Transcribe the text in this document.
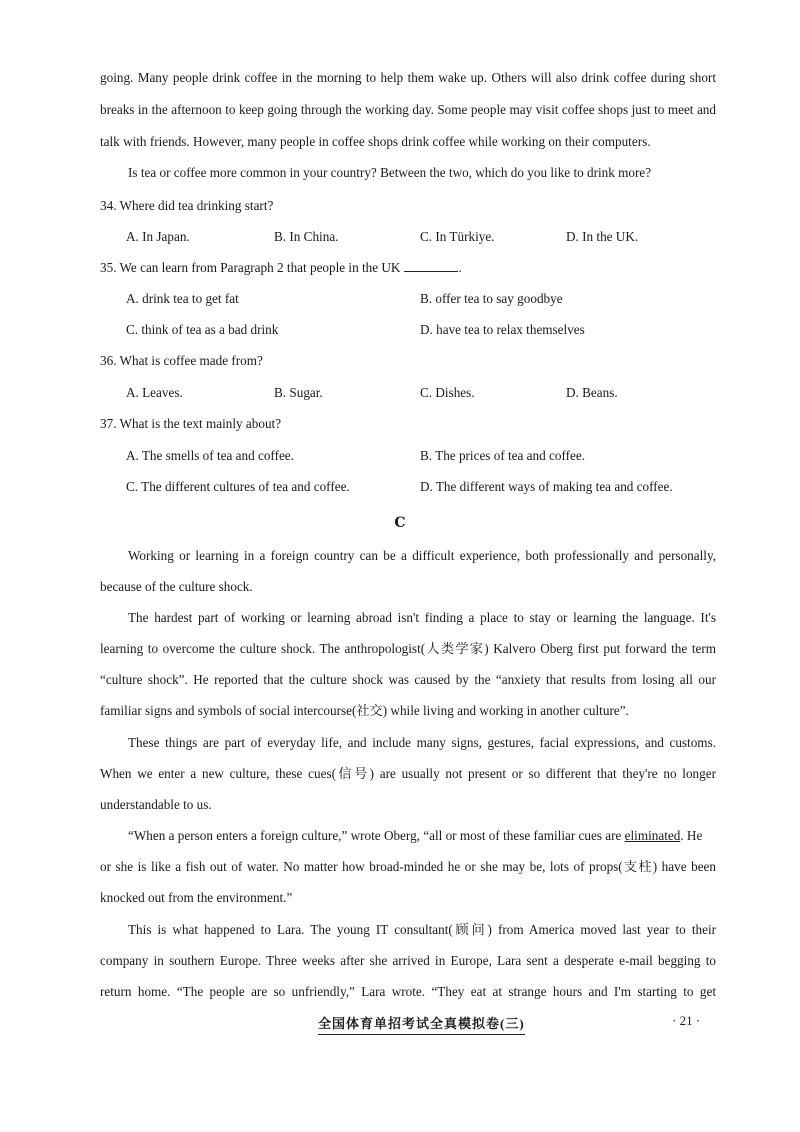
going. Many people drink coffee in the morning to help them wake up. Others will also drink coffee during short
breaks in the afternoon to keep going through the working day. Some people may visit coffee shops just to meet and
talk with friends. However, many people in coffee shops drink coffee while working on their computers.
Is tea or coffee more common in your country? Between the two, which do you like to drink more?
34. Where did tea drinking start?
A. In Japan.	B. In China.	C. In Türkiye.	D. In the UK.
35. We can learn from Paragraph 2 that people in the UK	.
A. drink tea to get fat	B. offer tea to say goodbye
C. think of tea as a bad drink	D. have tea to relax themselves
36. What is coffee made from?
A. Leaves.	B. Sugar.	C. Dishes.	D. Beans.
37. What is the text mainly about?
A. The smells of tea and coffee.	B. The prices of tea and coffee.
C. The different cultures of tea and coffee.	D. The different ways of making tea and coffee.
C
Working or learning in a foreign country can be a difficult experience, both professionally and personally,
because of the culture shock.
The hardest part of working or learning abroad isn't finding a place to stay or learning the language. It's
learning to overcome the culture shock. The anthropologist(人类学家) Kalvero Oberg first put forward the term
“culture shock”. He reported that the culture shock was caused by the “anxiety that results from losing all our
familiar signs and symbols of social intercourse(社交) while living and working in another culture”.
These things are part of everyday life, and include many signs, gestures, facial expressions, and customs.
When we enter a new culture, these cues(信号) are usually not present or so different that they're no longer
understandable to us.
“When a person enters a foreign culture,” wrote Oberg, “all or most of these familiar cues are eliminated. He
or she is like a fish out of water. No matter how broad-minded he or she may be, lots of props(支柱) have been
knocked out from the environment.”
This is what happened to Lara. The young IT consultant(顾问) from America moved last year to their
company in southern Europe. Three weeks after she arrived in Europe, Lara sent a desperate e-mail begging to
return home. “The people are so unfriendly,” Lara wrote. “They eat at strange hours and I'm starting to get
全国体育单招考试全真模拟卷(三)	· 21 ·
